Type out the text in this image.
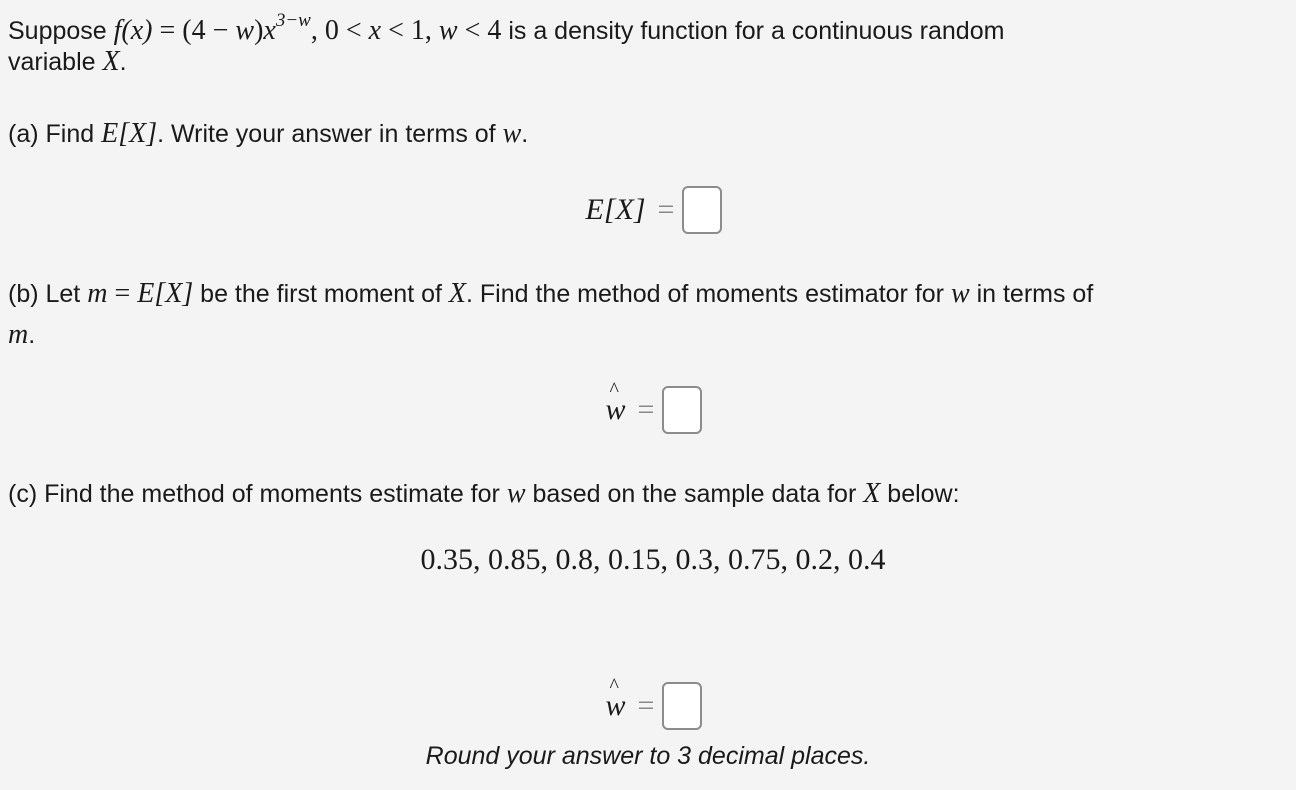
Suppose $f(x) = (4 - w)x^{3-w}$, 0 < x < 1, w < 4 is a density function for a continuous random
variable X.
(a) Find E[X]. Write your answer in terms of w.
E[X] =
(b) Let m = E[X] be the first moment of X. Find the method of moments estimator for w in terms of
m.
^ w =
(c) Find the method of moments estimate for w based on the sample data for X below:
0.35, 0.85, 0.8, 0.15, 0.3, 0.75, 0.2, 0.4
^ w =
Round your answer to 3 decimal places.
